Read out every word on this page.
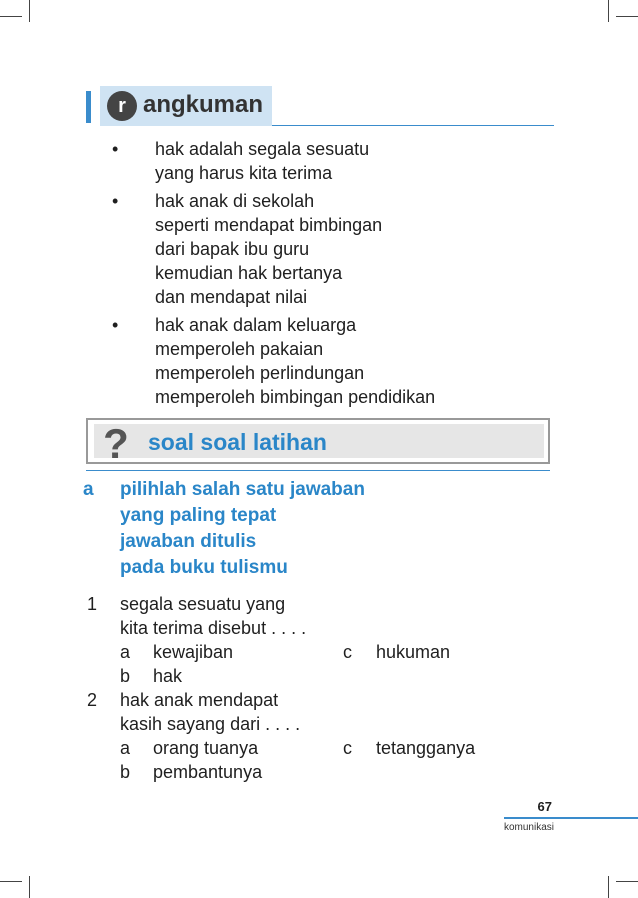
r angkuman
• hak adalah segala sesuatu
yang harus kita terima
• hak anak di sekolah
seperti mendapat bimbingan
dari bapak ibu guru
kemudian hak bertanya
dan mendapat nilai
• hak anak dalam keluarga
memperoleh pakaian
memperoleh perlindungan
memperoleh bimbingan pendidikan
? soal soal latihan
a pilihlah salah satu jawaban
yang paling tepat
jawaban ditulis
pada buku tulismu
1 segala sesuatu yang
kita terima disebut . . . .
a kewajiban
b hak
c hukuman
2 hak anak mendapat
kasih sayang dari . . . .
a orang tuanya
b pembantunya
c tetangganya
67
komunikasi
